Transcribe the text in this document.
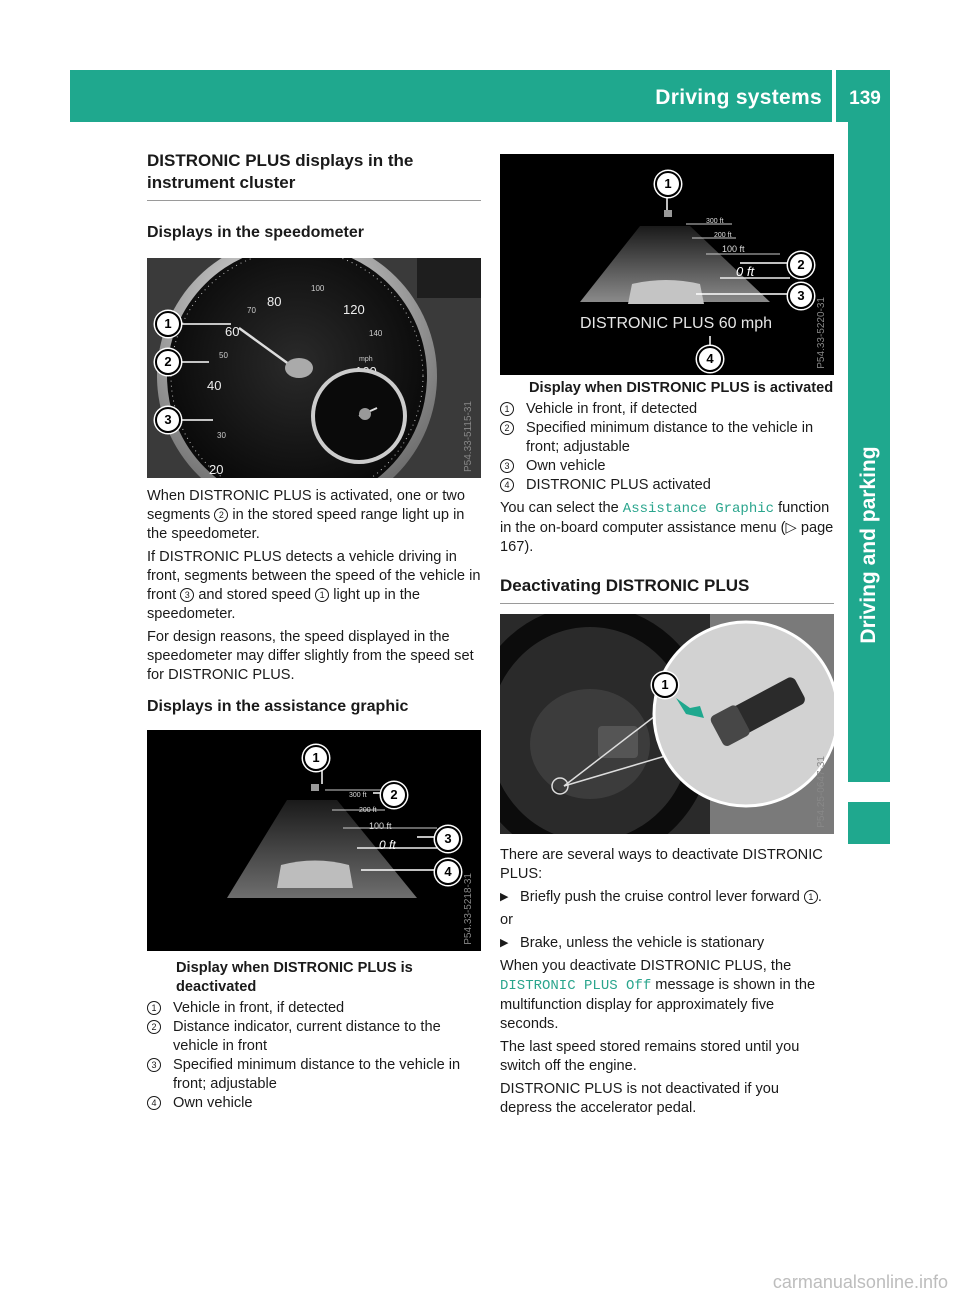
Driving systems	139
Driving and parking
DISTRONIC PLUS displays in the instrument cluster
Displays in the speedometer
20
30
40
50
60
70
80
100
120
140
mph
1
2
3	P54.33-5115-31

When DISTRONIC PLUS is activated, one or two segments 2 in the stored speed range light up in the speedometer.

If DISTRONIC PLUS detects a vehicle driving in front, segments between the speed of the vehicle in front 3 and stored speed 1 light up in the speedometer.

For design reasons, the speed displayed in the speedometer may differ slightly from the speed set for DISTRONIC PLUS.

Displays in the assistance graphic
300 ft
200 ft
100 ft
0 ft
1
2
3
4
P54.33-5218-31

Display when DISTRONIC PLUS is deactivated

1	Vehicle in front, if detected
2	Distance indicator, current distance to the vehicle in front
3	Specified minimum distance to the vehicle in front; adjustable
4	Own vehicle
300 ft
200 ft
100 ft
0 ft
DISTRONIC PLUS 60 mph
1
2
3
4	P54.33-5220-31

Display when DISTRONIC PLUS is activated

1	Vehicle in front, if detected
2	Specified minimum distance to the vehicle in front; adjustable
3	Own vehicle
4	DISTRONIC PLUS activated

You can select the Assistance Graphic function in the on-board computer assistance menu (▷ page 167).

Deactivating DISTRONIC PLUS
1
P54.25-0647-31

There are several ways to deactivate DISTRONIC PLUS:

▶ Briefly push the cruise control lever forward 1 .

or

▶ Brake, unless the vehicle is stationary

When you deactivate DISTRONIC PLUS, the DISTRONIC PLUS Off message is shown in the multifunction display for approximately five seconds.

The last speed stored remains stored until you switch off the engine.

DISTRONIC PLUS is not deactivated if you depress the accelerator pedal.

carmanualsonline.info
